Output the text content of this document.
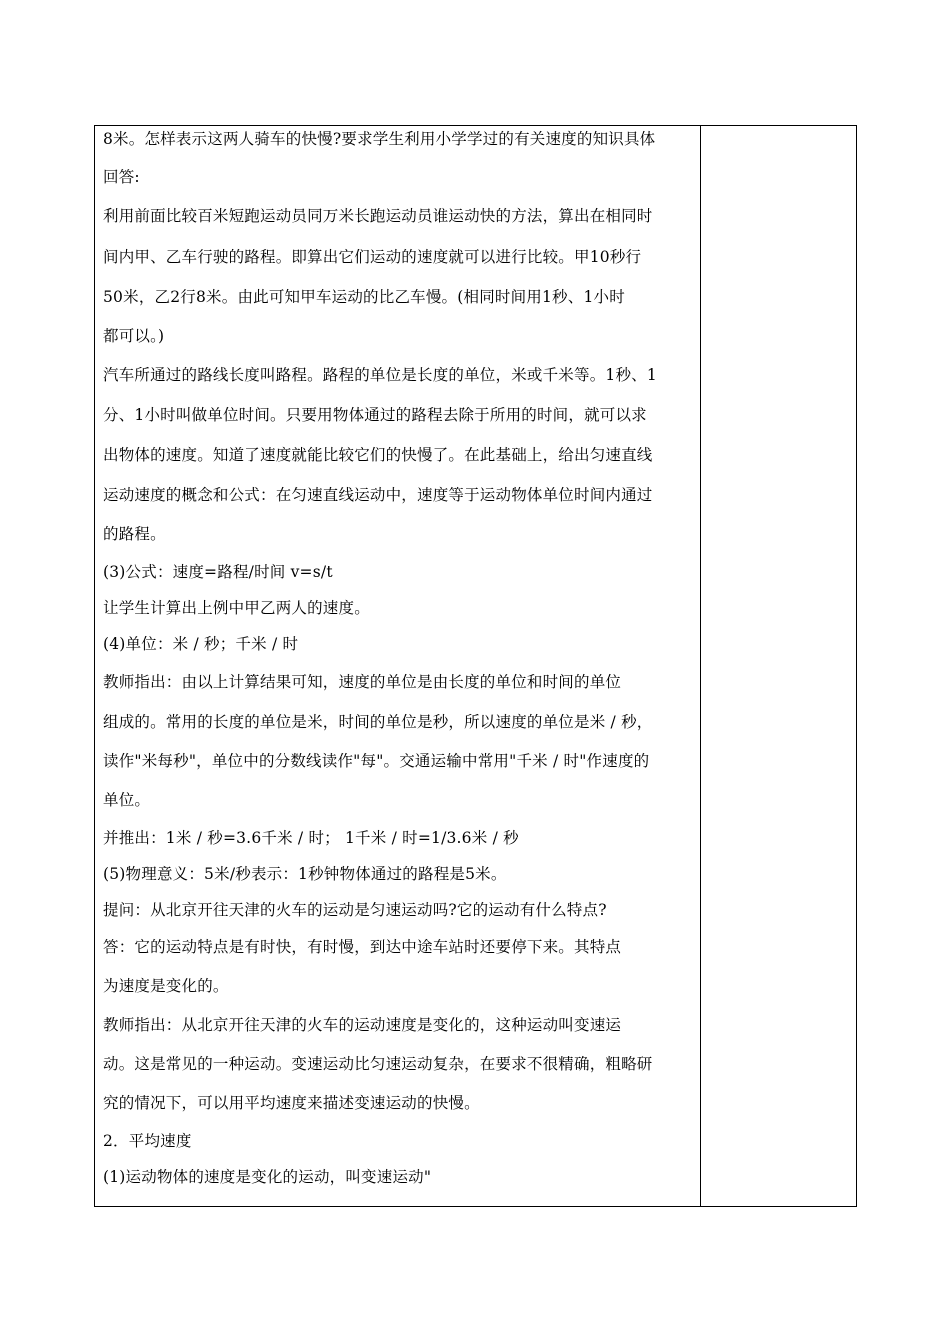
8米。怎样表示这两人骑车的快慢?要求学生利用小学学过的有关速度的知识具体
回答:
利用前面比较百米短跑运动员同万米长跑运动员谁运动快的方法，算出在相同时
间内甲、乙车行驶的路程。即算出它们运动的速度就可以进行比较。甲10秒行
50米，乙2行8米。由此可知甲车运动的比乙车慢。(相同时间用1秒、1小时
都可以。)
汽车所通过的路线长度叫路程。路程的单位是长度的单位，米或千米等。1秒、1
分、1小时叫做单位时间。只要用物体通过的路程去除于所用的时间，就可以求
出物体的速度。知道了速度就能比较它们的快慢了。在此基础上，给出匀速直线
运动速度的概念和公式：在匀速直线运动中，速度等于运动物体单位时间内通过
的路程。
(3)公式：速度=路程/时间 v=s/t
让学生计算出上例中甲乙两人的速度。
(4)单位：米 / 秒；千米 / 时
教师指出：由以上计算结果可知，速度的单位是由长度的单位和时间的单位
组成的。常用的长度的单位是米，时间的单位是秒，所以速度的单位是米 / 秒，
读作"米每秒"，单位中的分数线读作"每"。交通运输中常用"千米 / 时"作速度的
单位。
并推出：1米 / 秒=3.6千米 / 时； 1千米 / 时=1/3.6米 / 秒
(5)物理意义：5米/秒表示：1秒钟物体通过的路程是5米。
提问：从北京开往天津的火车的运动是匀速运动吗?它的运动有什么特点?
答：它的运动特点是有时快，有时慢，到达中途车站时还要停下来。其特点
为速度是变化的。
教师指出：从北京开往天津的火车的运动速度是变化的，这种运动叫变速运
动。这是常见的一种运动。变速运动比匀速运动复杂，在要求不很精确，粗略研
究的情况下，可以用平均速度来描述变速运动的快慢。
2．平均速度
(1)运动物体的速度是变化的运动，叫变速运动"
